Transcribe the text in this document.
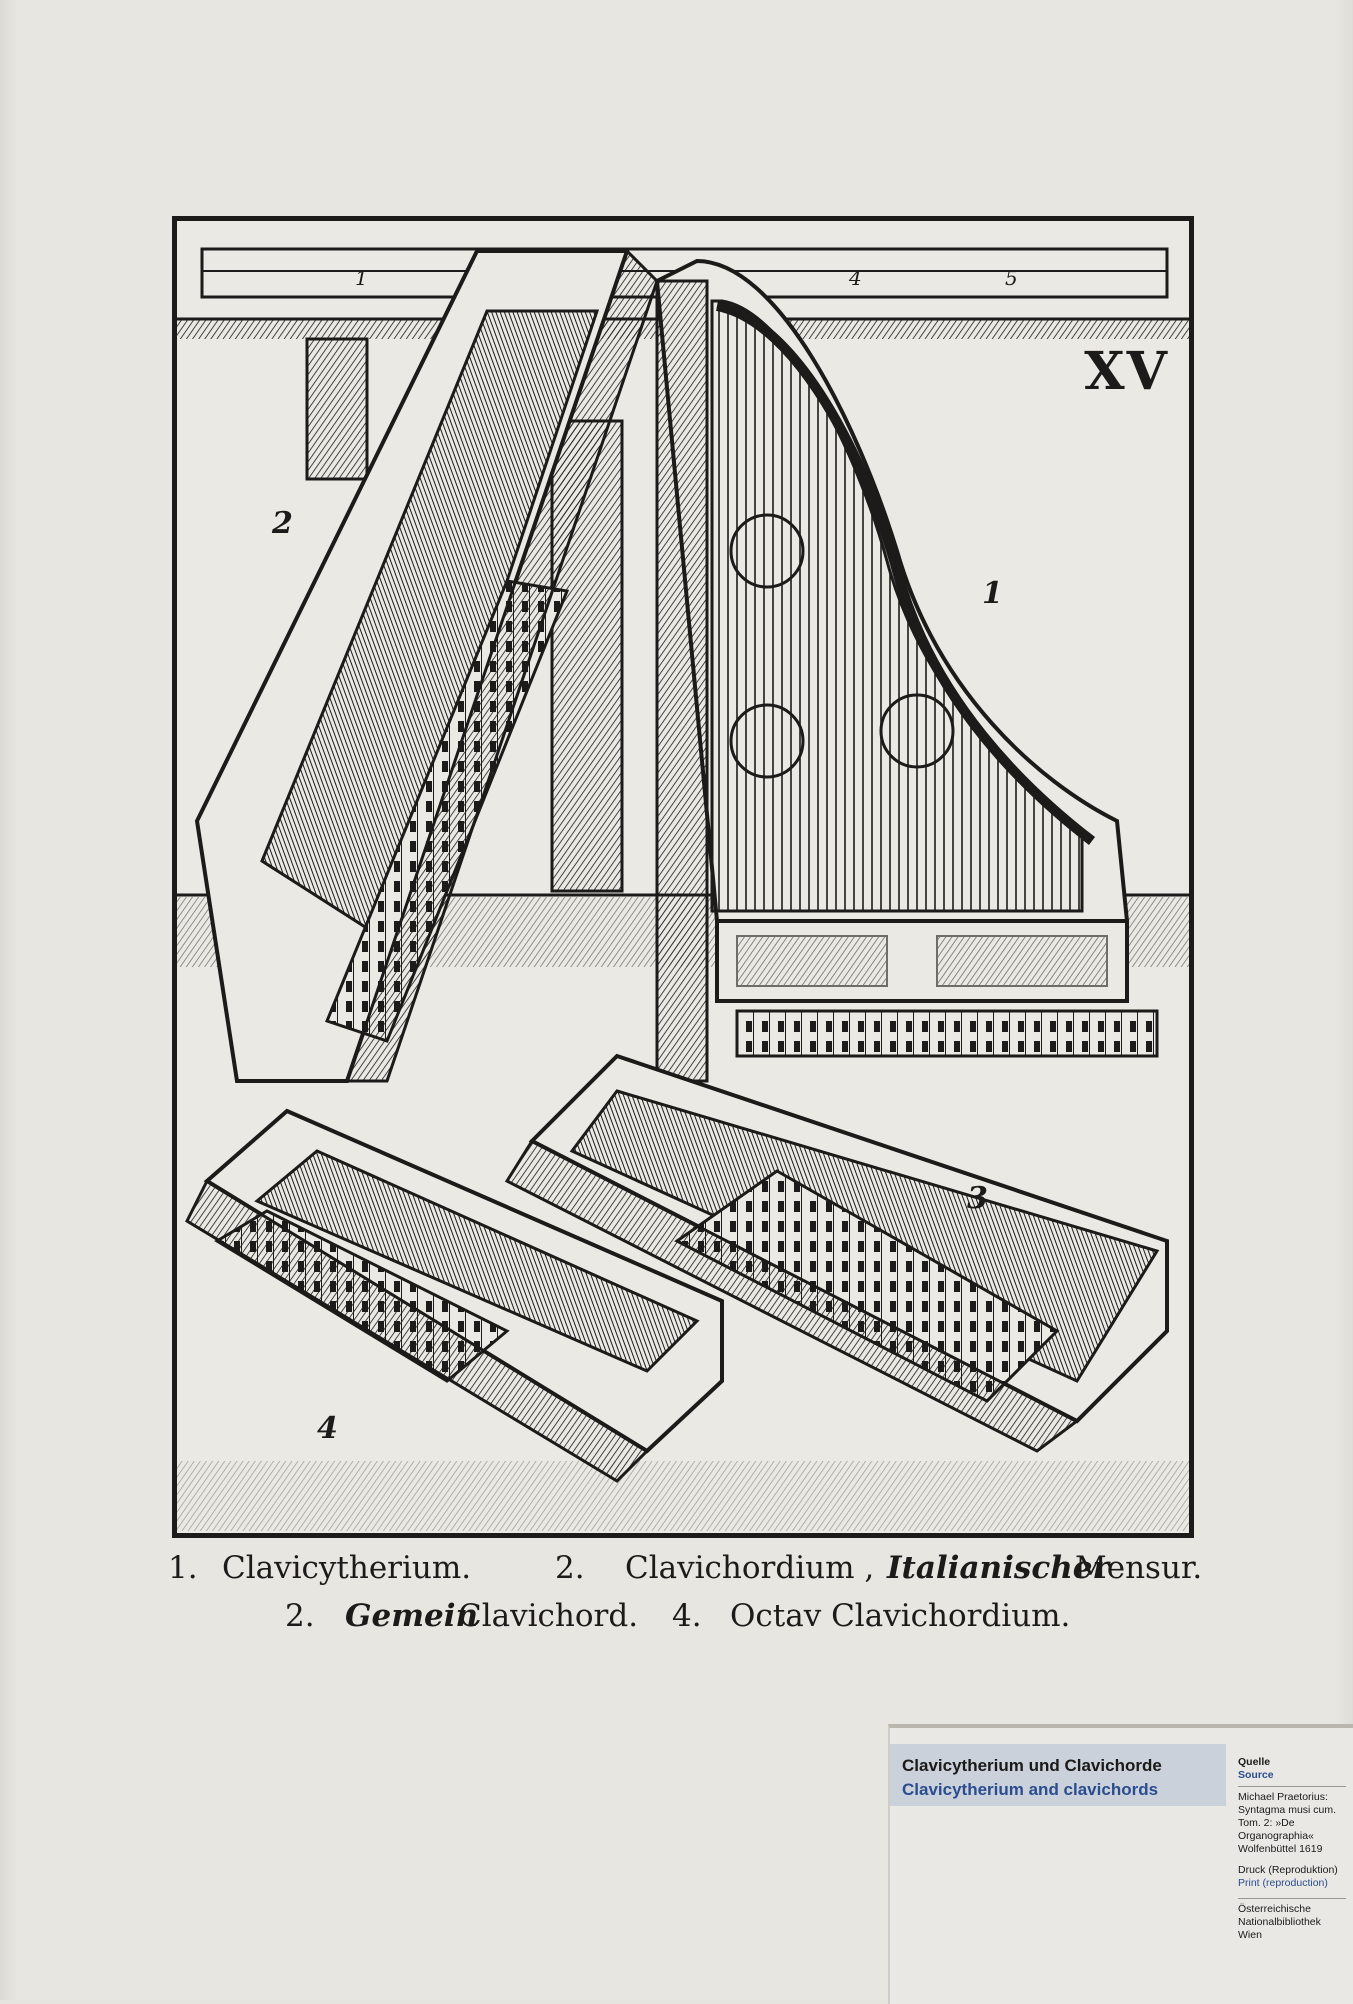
1	4	5
XV
1
2
3
4
1. Clavicytherium.	2. Clavichordium , Italianischer
Mensur.
2. Gemein
Clavichord. 4. Octav Clavichordium.
Clavicytherium und Clavichorde
Clavicytherium and clavichords
Quelle
Source

Michael Praetorius: Syntagma musi cum. Tom. 2: »De Organographia« Wolfenbüttel 1619

Druck (Reproduktion)

Print (reproduction)

Österreichische Nationalbibliothek Wien
